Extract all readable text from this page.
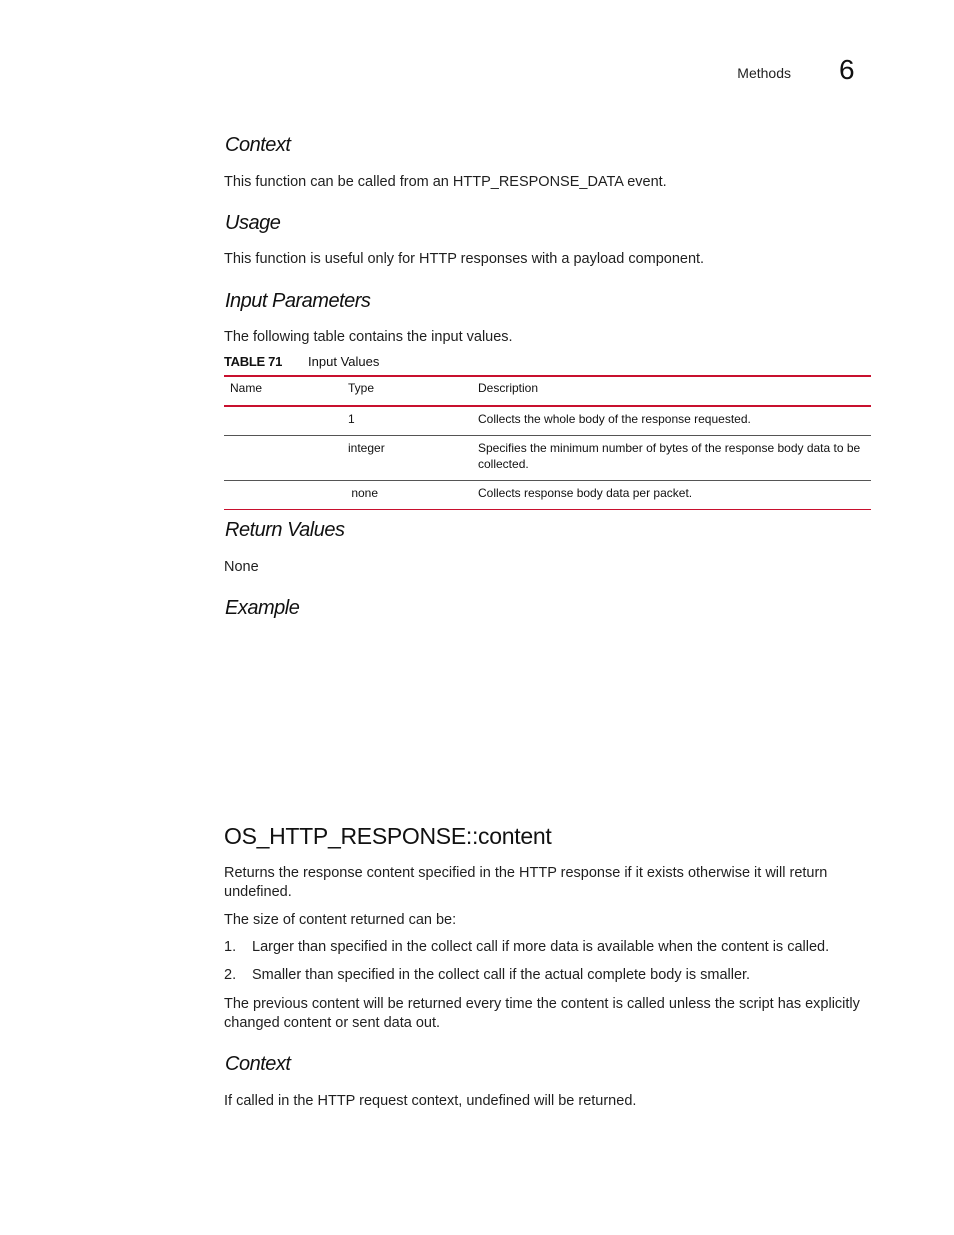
Methods 6
Context
This function can be called from an HTTP_RESPONSE_DATA event.
Usage
This function is useful only for HTTP responses with a payload component.
Input Parameters
The following table contains the input values.
TABLE 71 Input Values
Name	Type	Description
	1	Collects the whole body of the response requested.
	integer	Specifies the minimum number of bytes of the response body data to be collected.
	none	Collects response body data per packet.
Return Values
None
Example
OS_HTTP_RESPONSE::content
Returns the response content specified in the HTTP response if it exists otherwise it will return undefined.
The size of content returned can be:
1. Larger than specified in the collect call if more data is available when the content is called.
2. Smaller than specified in the collect call if the actual complete body is smaller.
The previous content will be returned every time the content is called unless the script has explicitly changed content or sent data out.
Context
If called in the HTTP request context, undefined will be returned.
